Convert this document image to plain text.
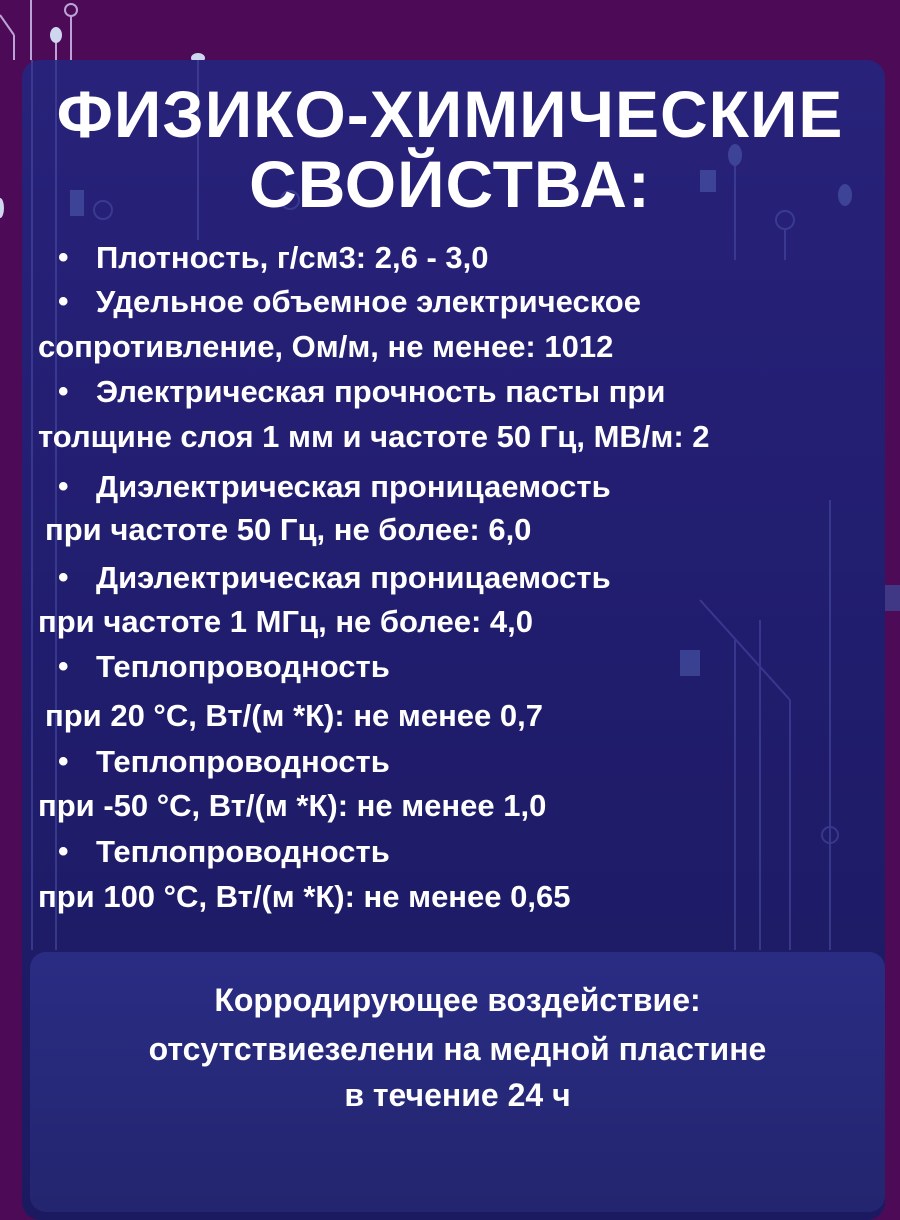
ФИЗИКО-ХИМИЧЕСКИЕ
СВОЙСТВА:
• Плотность, г/см3: 2,6 - 3,0
• Удельное объемное электрическое
сопротивление, Ом/м, не менее: 1012
• Электрическая прочность пасты при
толщине слоя 1 мм и частоте 50 Гц, МВ/м: 2
• Диэлектрическая проницаемость
при частоте 50 Гц, не более: 6,0
• Диэлектрическая проницаемость
при частоте 1 МГц, не более: 4,0
• Теплопроводность
при 20 °С, Вт/(м *К): не менее 0,7
• Теплопроводность
при -50 °С, Вт/(м *К): не менее 1,0
• Теплопроводность
при 100 °С, Вт/(м *К): не менее 0,65
Корродирующее воздействие:
отсутствиезелени на медной пластине
в течение 24 ч
